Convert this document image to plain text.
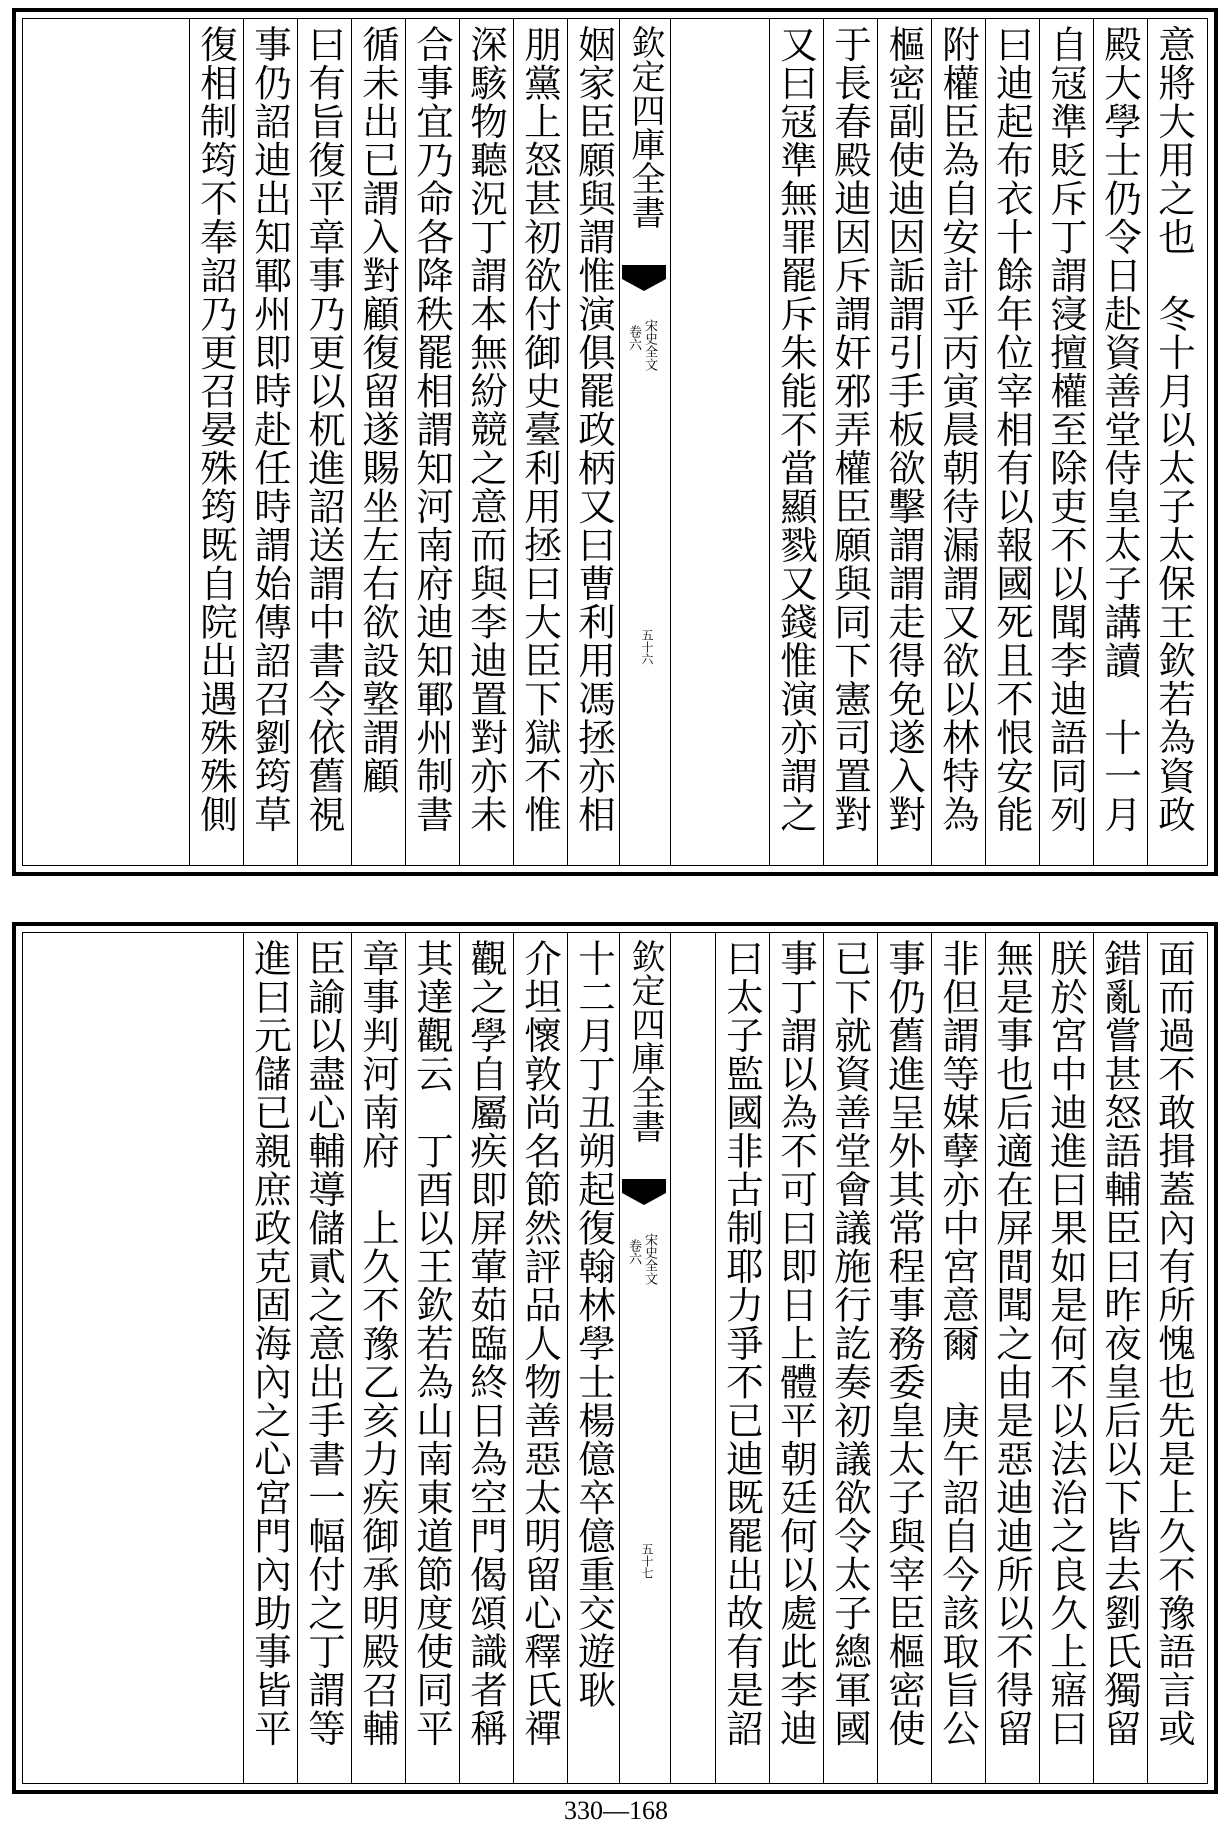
意將大用之也　冬十月以太子太保王欽若為資政
殿大學士仍令日赴資善堂侍皇太子講讀　十一月
自冦準貶斥丁謂寖擅權至除吏不以聞李迪語同列
曰迪起布衣十餘年位宰相有以報國死且不恨安能
附權臣為自安計乎丙寅晨朝待漏謂又欲以林特為
樞密副使迪因詬謂引手板欲擊謂謂走得免遂入對
于長春殿迪因斥謂奸邪弄權臣願與同下憲司置對
又曰冦準無罪罷斥朱能不當顯戮又錢惟演亦謂之
欽定四庫全書
宋史全文
卷六
五十六
姻家臣願與謂惟演俱罷政柄又曰曹利用馮拯亦相
朋黨上怒甚初欲付御史臺利用拯曰大臣下獄不惟
深駭物聽況丁謂本無紛競之意而與李迪置對亦未
合事宜乃命各降秩罷相謂知河南府迪知鄆州制書
循未出已謂入對顧復留遂賜坐左右欲設墪謂顧
曰有旨復平章事乃更以杌進詔送謂中書令依舊視
事仍詔迪出知鄆州即時赴任時謂始傳詔召劉筠草
復相制筠不奉詔乃更召晏殊筠既自院出遇殊殊側
面而過不敢揖蓋內有所愧也先是上久不豫語言或
錯亂嘗甚怒語輔臣曰昨夜皇后以下皆去劉氏獨留
朕於宮中迪進曰果如是何不以法治之良久上寤曰
無是事也后適在屏間聞之由是惡迪迪所以不得留
非但謂等媒孽亦中宮意爾　庚午詔自今該取旨公
事仍舊進呈外其常程事務委皇太子與宰臣樞密使
已下就資善堂會議施行訖奏初議欲令太子總軍國
事丁謂以為不可曰即日上體平朝廷何以處此李迪
曰太子監國非古制耶力爭不已迪既罷出故有是詔
欽定四庫全書
宋史全文
卷六
五十七
十二月丁丑朔起復翰林學士楊億卒億重交遊耿
介坦懷敦尚名節然評品人物善惡太明留心釋氏禪
觀之學自屬疾即屏葷茹臨終日為空門偈頌識者稱
其達觀云　丁酉以王欽若為山南東道節度使同平
章事判河南府　上久不豫乙亥力疾御承明殿召輔
臣諭以盡心輔導儲貳之意出手書一幅付之丁謂等
進曰元儲已親庶政克固海內之心宮門內助事皆平
330—168
